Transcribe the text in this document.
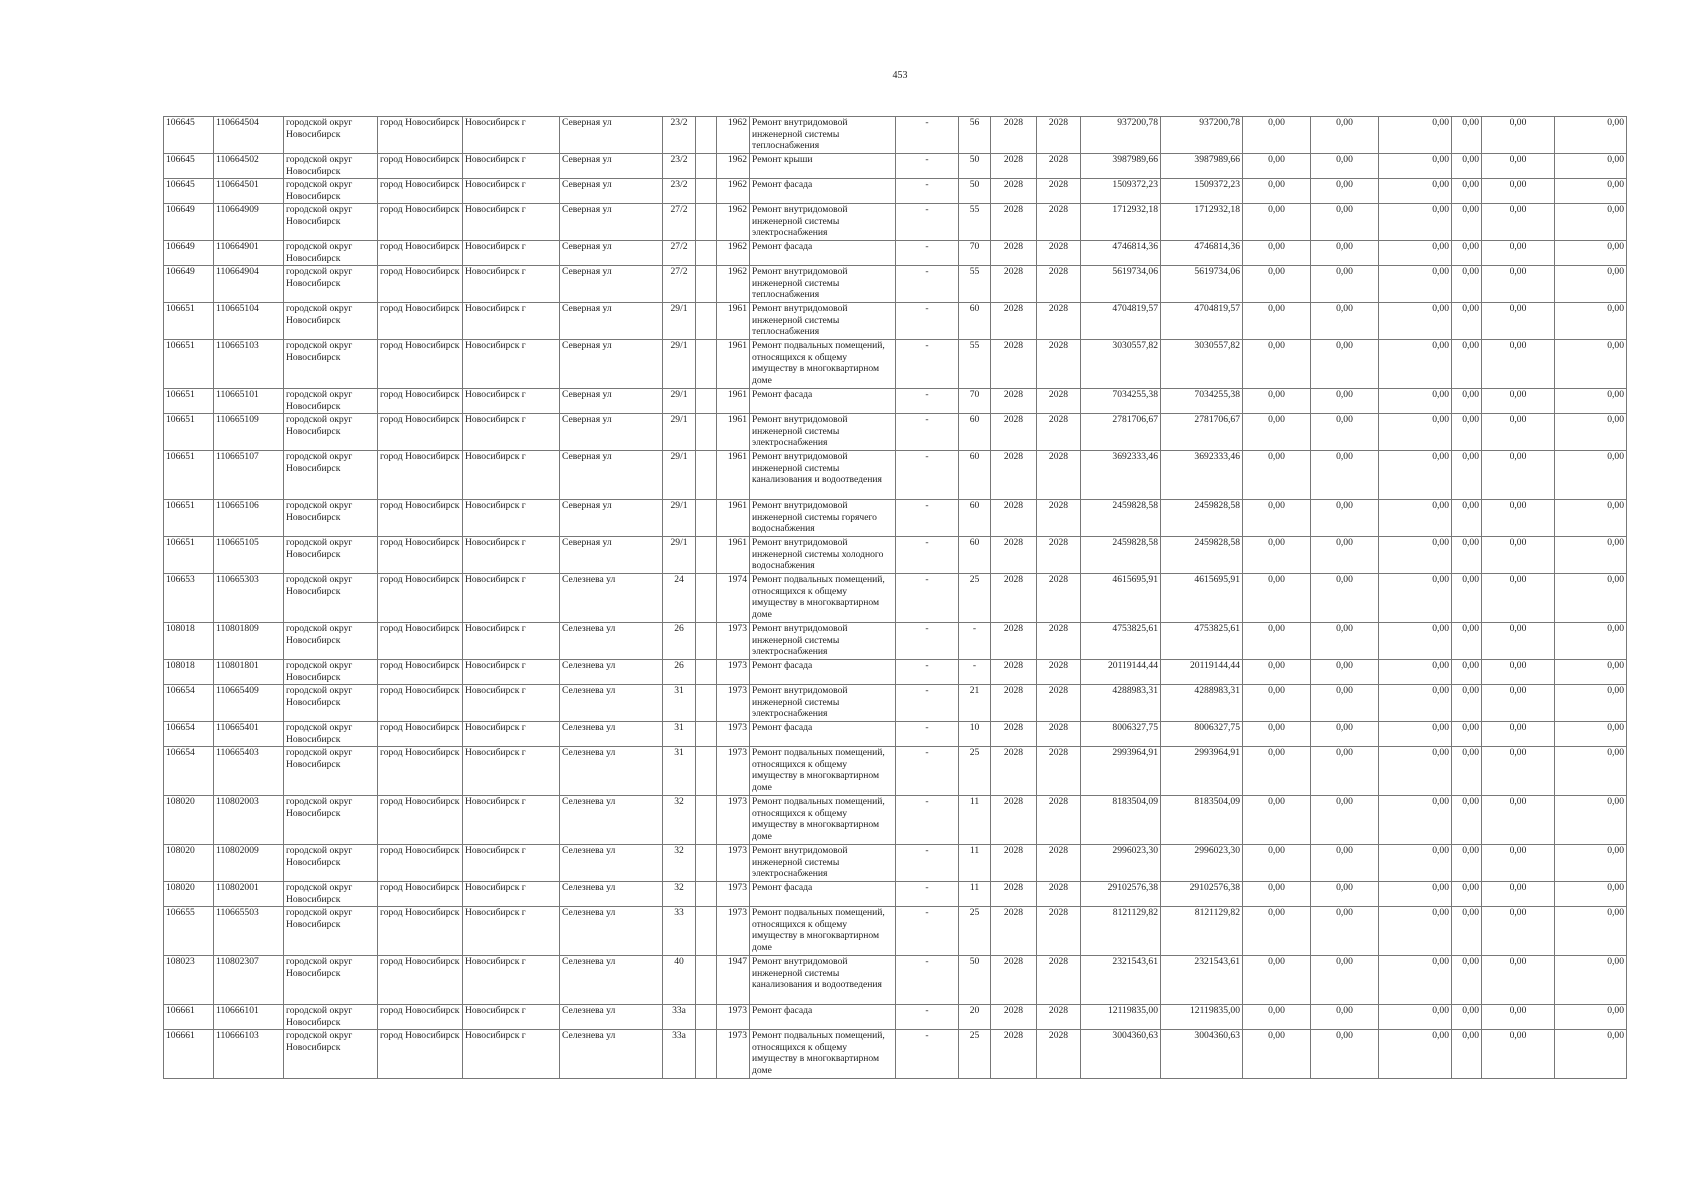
453
106645	110664504	городской округ Новосибирск	город Новосибирск	Новосибирск г	Северная ул	23/2		1962	Ремонт внутридомовой инженерной системы теплоснабжения	-	56	2028	2028	937200,78	937200,78	0,00	0,00	0,00	0,00	0,00	0,00
106645	110664502	городской округ Новосибирск	город Новосибирск	Новосибирск г	Северная ул	23/2		1962	Ремонт крыши	-	50	2028	2028	3987989,66	3987989,66	0,00	0,00	0,00	0,00	0,00	0,00
106645	110664501	городской округ Новосибирск	город Новосибирск	Новосибирск г	Северная ул	23/2		1962	Ремонт фасада	-	50	2028	2028	1509372,23	1509372,23	0,00	0,00	0,00	0,00	0,00	0,00
106649	110664909	городской округ Новосибирск	город Новосибирск	Новосибирск г	Северная ул	27/2		1962	Ремонт внутридомовой инженерной системы электроснабжения	-	55	2028	2028	1712932,18	1712932,18	0,00	0,00	0,00	0,00	0,00	0,00
106649	110664901	городской округ Новосибирск	город Новосибирск	Новосибирск г	Северная ул	27/2		1962	Ремонт фасада	-	70	2028	2028	4746814,36	4746814,36	0,00	0,00	0,00	0,00	0,00	0,00
106649	110664904	городской округ Новосибирск	город Новосибирск	Новосибирск г	Северная ул	27/2		1962	Ремонт внутридомовой инженерной системы теплоснабжения	-	55	2028	2028	5619734,06	5619734,06	0,00	0,00	0,00	0,00	0,00	0,00
106651	110665104	городской округ Новосибирск	город Новосибирск	Новосибирск г	Северная ул	29/1		1961	Ремонт внутридомовой инженерной системы теплоснабжения	-	60	2028	2028	4704819,57	4704819,57	0,00	0,00	0,00	0,00	0,00	0,00
106651	110665103	городской округ Новосибирск	город Новосибирск	Новосибирск г	Северная ул	29/1		1961	Ремонт подвальных помещений, относящихся к общему имуществу в многоквартирном доме	-	55	2028	2028	3030557,82	3030557,82	0,00	0,00	0,00	0,00	0,00	0,00
106651	110665101	городской округ Новосибирск	город Новосибирск	Новосибирск г	Северная ул	29/1		1961	Ремонт фасада	-	70	2028	2028	7034255,38	7034255,38	0,00	0,00	0,00	0,00	0,00	0,00
106651	110665109	городской округ Новосибирск	город Новосибирск	Новосибирск г	Северная ул	29/1		1961	Ремонт внутридомовой инженерной системы электроснабжения	-	60	2028	2028	2781706,67	2781706,67	0,00	0,00	0,00	0,00	0,00	0,00
106651	110665107	городской округ Новосибирск	город Новосибирск	Новосибирск г	Северная ул	29/1		1961	Ремонт внутридомовой инженерной системы канализования и водоотведения	-	60	2028	2028	3692333,46	3692333,46	0,00	0,00	0,00	0,00	0,00	0,00
106651	110665106	городской округ Новосибирск	город Новосибирск	Новосибирск г	Северная ул	29/1		1961	Ремонт внутридомовой инженерной системы горячего водоснабжения	-	60	2028	2028	2459828,58	2459828,58	0,00	0,00	0,00	0,00	0,00	0,00
106651	110665105	городской округ Новосибирск	город Новосибирск	Новосибирск г	Северная ул	29/1		1961	Ремонт внутридомовой инженерной системы холодного водоснабжения	-	60	2028	2028	2459828,58	2459828,58	0,00	0,00	0,00	0,00	0,00	0,00
106653	110665303	городской округ Новосибирск	город Новосибирск	Новосибирск г	Селезнева ул	24		1974	Ремонт подвальных помещений, относящихся к общему имуществу в многоквартирном доме	-	25	2028	2028	4615695,91	4615695,91	0,00	0,00	0,00	0,00	0,00	0,00
108018	110801809	городской округ Новосибирск	город Новосибирск	Новосибирск г	Селезнева ул	26		1973	Ремонт внутридомовой инженерной системы электроснабжения	-	-	2028	2028	4753825,61	4753825,61	0,00	0,00	0,00	0,00	0,00	0,00
108018	110801801	городской округ Новосибирск	город Новосибирск	Новосибирск г	Селезнева ул	26		1973	Ремонт фасада	-	-	2028	2028	20119144,44	20119144,44	0,00	0,00	0,00	0,00	0,00	0,00
106654	110665409	городской округ Новосибирск	город Новосибирск	Новосибирск г	Селезнева ул	31		1973	Ремонт внутридомовой инженерной системы электроснабжения	-	21	2028	2028	4288983,31	4288983,31	0,00	0,00	0,00	0,00	0,00	0,00
106654	110665401	городской округ Новосибирск	город Новосибирск	Новосибирск г	Селезнева ул	31		1973	Ремонт фасада	-	10	2028	2028	8006327,75	8006327,75	0,00	0,00	0,00	0,00	0,00	0,00
106654	110665403	городской округ Новосибирск	город Новосибирск	Новосибирск г	Селезнева ул	31		1973	Ремонт подвальных помещений, относящихся к общему имуществу в многоквартирном доме	-	25	2028	2028	2993964,91	2993964,91	0,00	0,00	0,00	0,00	0,00	0,00
108020	110802003	городской округ Новосибирск	город Новосибирск	Новосибирск г	Селезнева ул	32		1973	Ремонт подвальных помещений, относящихся к общему имуществу в многоквартирном доме	-	11	2028	2028	8183504,09	8183504,09	0,00	0,00	0,00	0,00	0,00	0,00
108020	110802009	городской округ Новосибирск	город Новосибирск	Новосибирск г	Селезнева ул	32		1973	Ремонт внутридомовой инженерной системы электроснабжения	-	11	2028	2028	2996023,30	2996023,30	0,00	0,00	0,00	0,00	0,00	0,00
108020	110802001	городской округ Новосибирск	город Новосибирск	Новосибирск г	Селезнева ул	32		1973	Ремонт фасада	-	11	2028	2028	29102576,38	29102576,38	0,00	0,00	0,00	0,00	0,00	0,00
106655	110665503	городской округ Новосибирск	город Новосибирск	Новосибирск г	Селезнева ул	33		1973	Ремонт подвальных помещений, относящихся к общему имуществу в многоквартирном доме	-	25	2028	2028	8121129,82	8121129,82	0,00	0,00	0,00	0,00	0,00	0,00
108023	110802307	городской округ Новосибирск	город Новосибирск	Новосибирск г	Селезнева ул	40		1947	Ремонт внутридомовой инженерной системы канализования и водоотведения	-	50	2028	2028	2321543,61	2321543,61	0,00	0,00	0,00	0,00	0,00	0,00
106661	110666101	городской округ Новосибирск	город Новосибирск	Новосибирск г	Селезнева ул	33а		1973	Ремонт фасада	-	20	2028	2028	12119835,00	12119835,00	0,00	0,00	0,00	0,00	0,00	0,00
106661	110666103	городской округ Новосибирск	город Новосибирск	Новосибирск г	Селезнева ул	33а		1973	Ремонт подвальных помещений, относящихся к общему имуществу в многоквартирном доме	-	25	2028	2028	3004360,63	3004360,63	0,00	0,00	0,00	0,00	0,00	0,00
